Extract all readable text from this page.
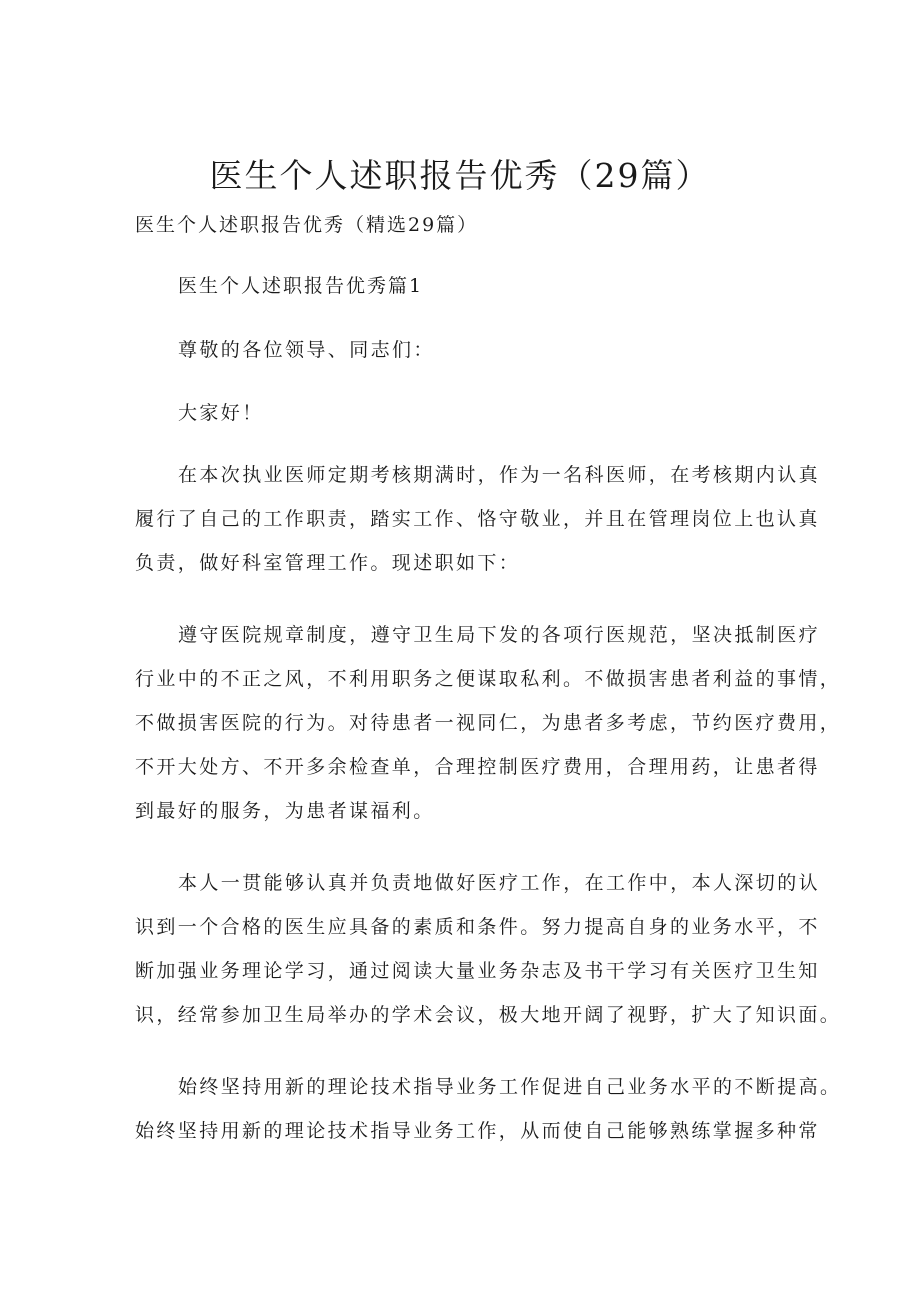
医生个人述职报告优秀（29篇）
医生个人述职报告优秀（精选29篇）
医生个人述职报告优秀篇1
尊敬的各位领导、同志们：
大家好！
在本次执业医师定期考核期满时，作为一名科医师，在考核期内认真
履行了自己的工作职责，踏实工作、恪守敬业，并且在管理岗位上也认真
负责，做好科室管理工作。现述职如下：
遵守医院规章制度，遵守卫生局下发的各项行医规范，坚决抵制医疗
行业中的不正之风，不利用职务之便谋取私利。不做损害患者利益的事情，
不做损害医院的行为。对待患者一视同仁，为患者多考虑，节约医疗费用，
不开大处方、不开多余检查单，合理控制医疗费用，合理用药，让患者得
到最好的服务，为患者谋福利。
本人一贯能够认真并负责地做好医疗工作，在工作中，本人深切的认
识到一个合格的医生应具备的素质和条件。努力提高自身的业务水平，不
断加强业务理论学习，通过阅读大量业务杂志及书干学习有关医疗卫生知
识，经常参加卫生局举办的学术会议，极大地开阔了视野，扩大了知识面。
始终坚持用新的理论技术指导业务工作促进自己业务水平的不断提高。
始终坚持用新的理论技术指导业务工作，从而使自己能够熟练掌握多种常
